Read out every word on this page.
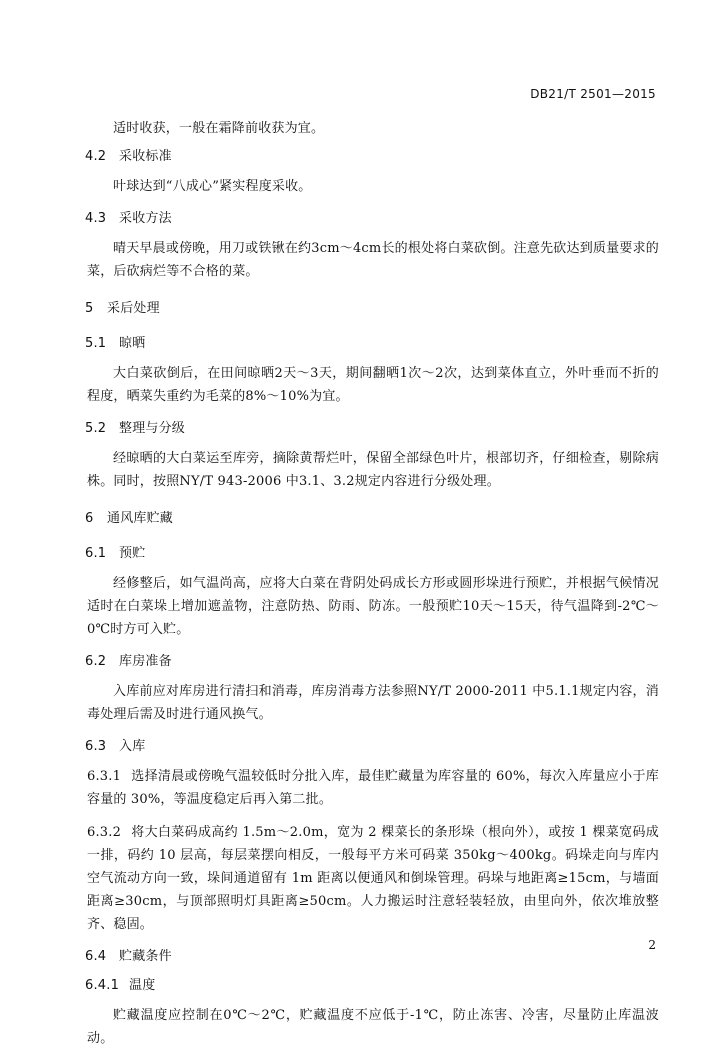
DB21/T 2501—2015

适时收获，一般在霜降前收获为宜。

4.2 采收标准

叶球达到“八成心”紧实程度采收。

4.3 采收方法

晴天早晨或傍晚，用刀或铁锹在约3cm～4cm长的根处将白菜砍倒。注意先砍达到质量要求的菜，后砍病烂等不合格的菜。

5 采后处理
5.1 晾晒

大白菜砍倒后，在田间晾晒2天～3天，期间翻晒1次～2次，达到菜体直立，外叶垂而不折的程度，晒菜失重约为毛菜的8%～10%为宜。

5.2 整理与分级

经晾晒的大白菜运至库旁，摘除黄帮烂叶，保留全部绿色叶片，根部切齐，仔细检查，剔除病株。同时，按照NY/T 943-2006 中3.1、3.2规定内容进行分级处理。

6 通风库贮藏
6.1 预贮

经修整后，如气温尚高，应将大白菜在背阴处码成长方形或圆形垛进行预贮，并根据气候情况适时在白菜垛上增加遮盖物，注意防热、防雨、防冻。一般预贮10天～15天，待气温降到-2℃～0℃时方可入贮。

6.2 库房准备

入库前应对库房进行清扫和消毒，库房消毒方法参照NY/T 2000-2011 中5.1.1规定内容，消毒处理后需及时进行通风换气。

6.3 入库

6.3.1 选择清晨或傍晚气温较低时分批入库，最佳贮藏量为库容量的 60%，每次入库量应小于库容量的 30%，等温度稳定后再入第二批。

6.3.2 将大白菜码成高约 1.5m～2.0m，宽为 2 棵菜长的条形垛（根向外），或按 1 棵菜宽码成一排，码约 10 层高，每层菜摆向相反，一般每平方米可码菜 350kg～400kg。码垛走向与库内空气流动方向一致，垛间通道留有 1m 距离以便通风和倒垛管理。码垛与地距离≥15cm，与墙面距离≥30cm，与顶部照明灯具距离≥50cm。人力搬运时注意轻装轻放，由里向外，依次堆放整齐、稳固。

6.4 贮藏条件
6.4.1 温度

贮藏温度应控制在0℃～2℃，贮藏温度不应低于-1℃，防止冻害、冷害，尽量防止库温波动。

2
